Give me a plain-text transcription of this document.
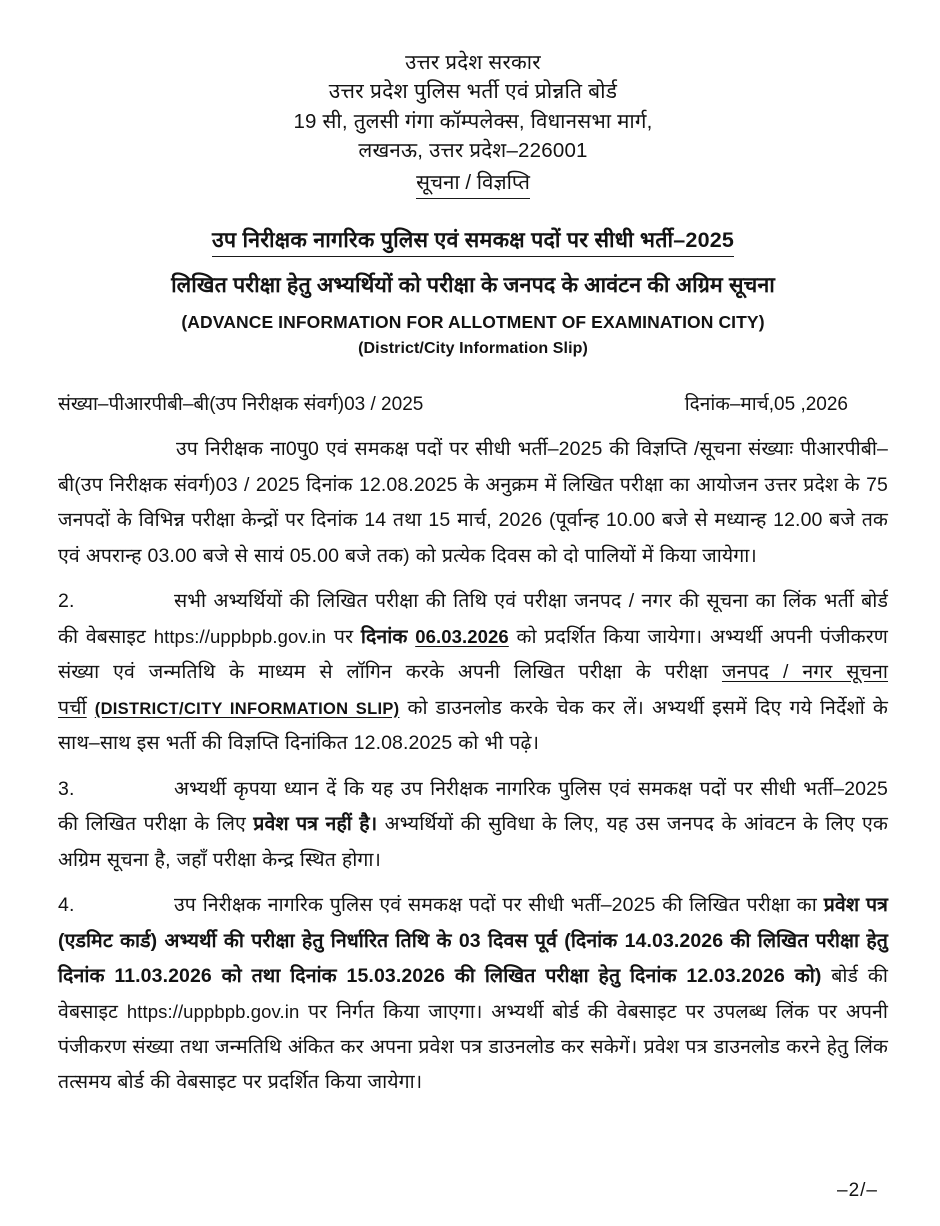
उत्तर प्रदेश सरकार
उत्तर प्रदेश पुलिस भर्ती एवं प्रोन्नति बोर्ड
19 सी, तुलसी गंगा कॉम्पलेक्स, विधानसभा मार्ग,
लखनऊ, उत्तर प्रदेश–226001
सूचना / विज्ञप्ति
उप निरीक्षक नागरिक पुलिस एवं समकक्ष पदों पर सीधी भर्ती–2025
लिखित परीक्षा हेतु अभ्यर्थियों को परीक्षा के जनपद के आवंटन की अग्रिम सूचना
(ADVANCE INFORMATION FOR ALLOTMENT OF EXAMINATION CITY)
(District/City Information Slip)
संख्या–पीआरपीबी–बी(उप निरीक्षक संवर्ग)03 / 2025	दिनांक–मार्च,05 ,2026

उप निरीक्षक ना0पु0 एवं समकक्ष पदों पर सीधी भर्ती–2025 की विज्ञप्ति /सूचना संख्याः पीआरपीबी–बी(उप निरीक्षक संवर्ग)03 / 2025 दिनांक 12.08.2025 के अनुक्रम में लिखित परीक्षा का आयोजन उत्तर प्रदेश के 75 जनपदों के विभिन्न परीक्षा केन्द्रों पर दिनांक 14 तथा 15 मार्च, 2026 (पूर्वान्ह 10.00 बजे से मध्यान्ह 12.00 बजे तक एवं अपरान्ह 03.00 बजे से सायं 05.00 बजे तक) को प्रत्येक दिवस को दो पालियों में किया जायेगा।

2.	सभी अभ्यर्थियों की लिखित परीक्षा की तिथि एवं परीक्षा जनपद / नगर की सूचना का लिंक भर्ती बोर्ड की वेबसाइट https://uppbpb.gov.in पर दिनांक 06.03.2026 को प्रदर्शित किया जायेगा। अभ्यर्थी अपनी पंजीकरण संख्या एवं जन्मतिथि के माध्यम से लॉगिन करके अपनी लिखित परीक्षा के परीक्षा जनपद / नगर सूचना पर्ची (DISTRICT/CITY INFORMATION SLIP) को डाउनलोड करके चेक कर लें। अभ्यर्थी इसमें दिए गये निर्देशों के साथ–साथ इस भर्ती की विज्ञप्ति दिनांकित 12.08.2025 को भी पढ़े।

3.	अभ्यर्थी कृपया ध्यान दें कि यह उप निरीक्षक नागरिक पुलिस एवं समकक्ष पदों पर सीधी भर्ती–2025 की लिखित परीक्षा के लिए प्रवेश पत्र नहीं है। अभ्यर्थियों की सुविधा के लिए, यह उस जनपद के आंवटन के लिए एक अग्रिम सूचना है, जहॉं परीक्षा केन्द्र स्थित होगा।

4.	उप निरीक्षक नागरिक पुलिस एवं समकक्ष पदों पर सीधी भर्ती–2025 की लिखित परीक्षा का प्रवेश पत्र (एडमिट कार्ड) अभ्यर्थी की परीक्षा हेतु निर्धारित तिथि के 03 दिवस पूर्व (दिनांक 14.03.2026 की लिखित परीक्षा हेतु दिनांक 11.03.2026 को तथा दिनांक 15.03.2026 की लिखित परीक्षा हेतु दिनांक 12.03.2026 को) बोर्ड की वेबसाइट https://uppbpb.gov.in पर निर्गत किया जाएगा। अभ्यर्थी बोर्ड की वेबसाइट पर उपलब्ध लिंक पर अपनी पंजीकरण संख्या तथा जन्मतिथि अंकित कर अपना प्रवेश पत्र डाउनलोड कर सकेगें। प्रवेश पत्र डाउनलोड करने हेतु लिंक तत्समय बोर्ड की वेबसाइट पर प्रदर्शित किया जायेगा।

–2/–
